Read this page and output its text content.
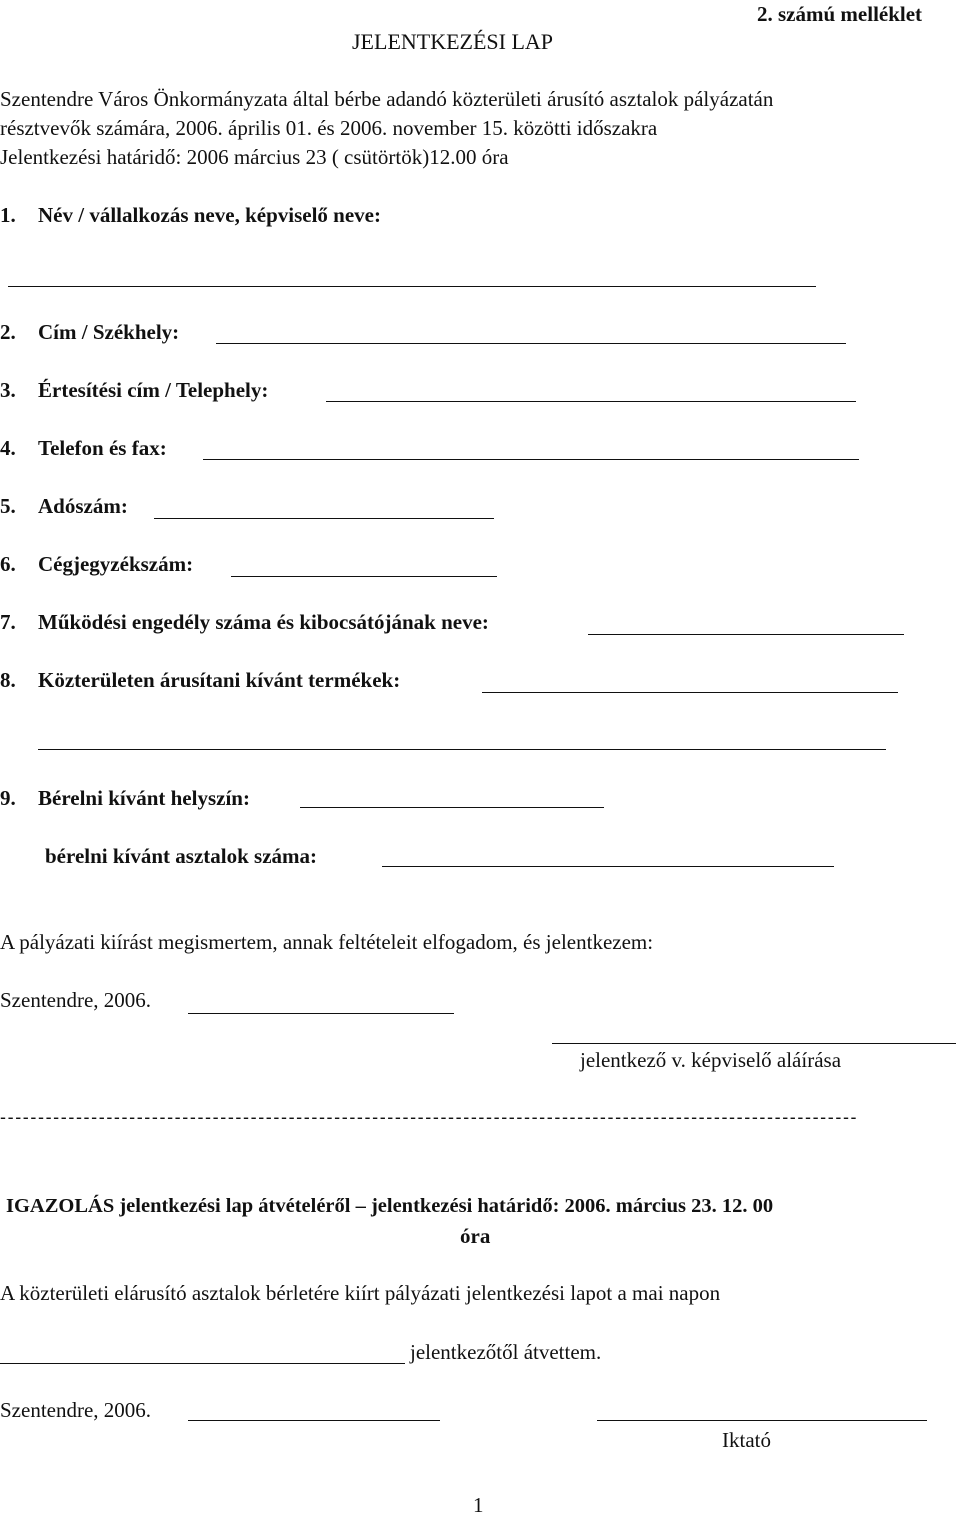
2. számú melléklet
JELENTKEZÉSI LAP
Szentendre Város Önkormányzata által bérbe adandó közterületi árusító asztalok pályázatán
résztvevők számára, 2006. április 01. és 2006. november 15. közötti időszakra
Jelentkezési határidő: 2006 március 23 ( csütörtök)12.00 óra
1. Név / vállalkozás neve, képviselő neve:
2. Cím / Székhely:
3. Értesítési cím / Telephely:
4. Telefon és fax:
5. Adószám:
6. Cégjegyzékszám:
7. Működési engedély száma és kibocsátójának neve:
8. Közterületen árusítani kívánt termékek:
9. Bérelni kívánt helyszín:
bérelni kívánt asztalok száma:
A pályázati kiírást megismertem, annak feltételeit elfogadom, és jelentkezem:
Szentendre, 2006.
jelentkező v. képviselő aláírása
-----------------------------------------------------------------------------------------------------------------
IGAZOLÁS jelentkezési lap átvételéről – jelentkezési határidő: 2006. március 23. 12. 00
óra
A közterületi elárusító asztalok bérletére kiírt pályázati jelentkezési lapot a mai napon
jelentkezőtől átvettem.
Szentendre, 2006.
Iktató
1
